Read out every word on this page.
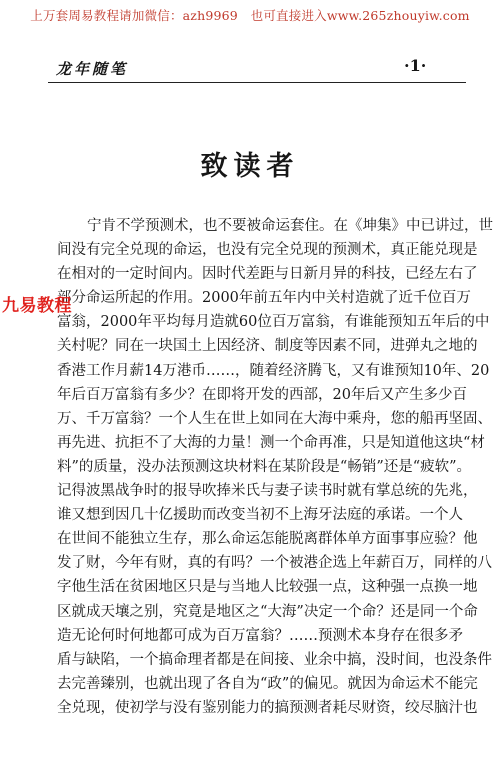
上万套周易教程请加微信：azh9969　也可直接进入www.265zhouyiw.com
龙年随笔	·1·
致读者
宁肯不学预测术，也不要被命运套住。在《坤集》中已讲过，世
间没有完全兑现的命运，也没有完全兑现的预测术，真正能兑现是
在相对的一定时间内。因时代差距与日新月异的科技，已经左右了
部分命运所起的作用。2000年前五年内中关村造就了近千位百万
富翁，2000年平均每月造就60位百万富翁，有谁能预知五年后的中
关村呢？同在一块国土上因经济、制度等因素不同，进弹丸之地的
香港工作月薪14万港币……，随着经济腾飞，又有谁预知10年、20
年后百万富翁有多少？在即将开发的西部，20年后又产生多少百
万、千万富翁？一个人生在世上如同在大海中乘舟，您的船再坚固、
再先进、抗拒不了大海的力量！测一个命再准，只是知道他这块“材
料”的质量，没办法预测这块材料在某阶段是“畅销”还是“疲软”。
记得波黑战争时的报导吹捧米氏与妻子读书时就有掌总统的先兆，
谁又想到因几十亿援助而改变当初不上海牙法庭的承诺。一个人
在世间不能独立生存，那么命运怎能脱离群体单方面事事应验？他
发了财，今年有财，真的有吗？一个被港企选上年薪百万，同样的八
字他生活在贫困地区只是与当地人比较强一点，这种强一点换一地
区就成天壤之别，究竟是地区之“大海”决定一个命？还是同一个命
造无论何时何地都可成为百万富翁？……预测术本身存在很多矛
盾与缺陷，一个搞命理者都是在间接、业余中搞，没时间，也没条件
去完善臻别，也就出现了各自为“政”的偏见。就因为命运术不能完
全兑现，使初学与没有鉴别能力的搞预测者耗尽财资，绞尽脑汁也
九易教程
